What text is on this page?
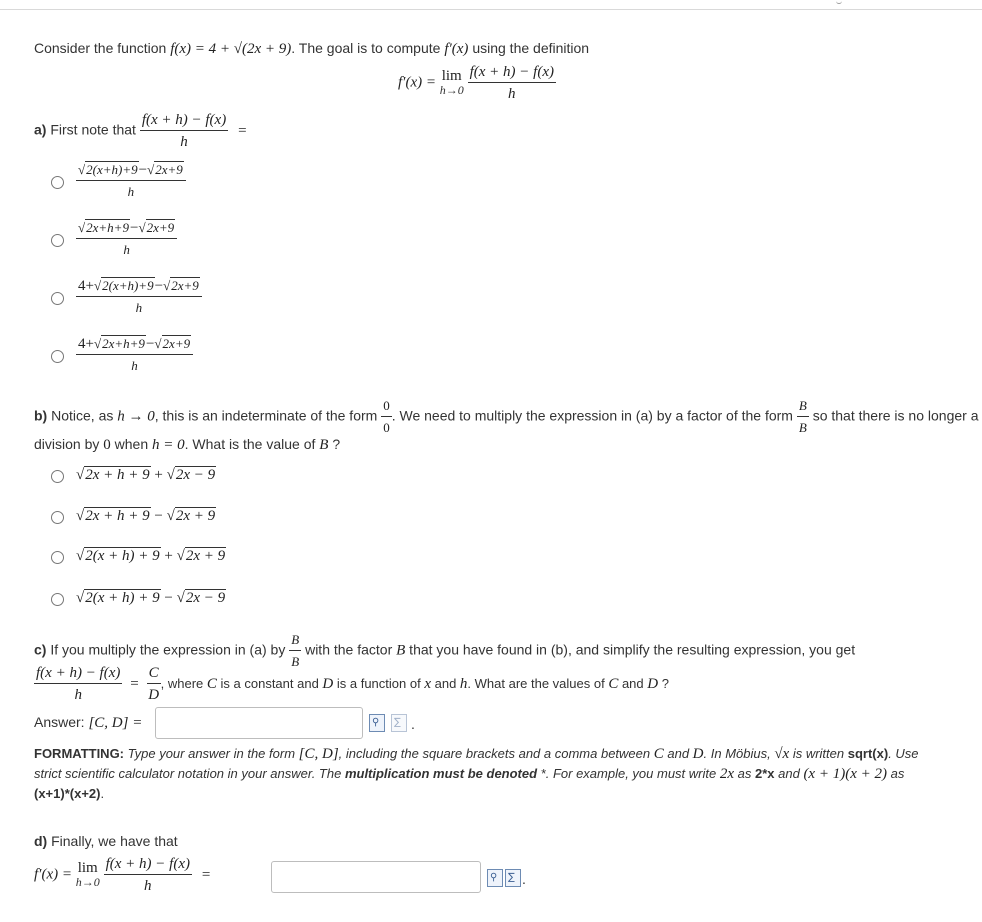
Consider the function f(x) = 4 + √(2x + 9). The goal is to compute f′(x) using the definition
f′(x) = lim
h→0
$\frac{f(x + h) - f(x)}{h}$
a) First note that $\frac{f(x + h) - f(x)}{h}$ =
$\frac{√2(x+h)+9-√2x+9}{h}$
$\frac{√2x+h+9-√2x+9}{h}$
$\frac{4+√2(x+h)+9-√2x+9}{h}$
$\frac{4+√2x+h+9-√2x+9}{h}$
b) Notice, as h → 0, this is an indeterminate of the form $\frac{0}{0}$ . We need to multiply the expression in (a) by a factor of the form $\frac{B}{B}$ so that there is no longer a
division by 0 when h = 0. What is the value of B ?
√2x + h + 9 + √2x − 9
√2x + h + 9 − √2x + 9
√2(x + h) + 9 + √2x + 9
√2(x + h) + 9 − √2x − 9
c) If you multiply the expression in (a) by $\frac{B}{B}$ with the factor B that you have found in (b), and simplify the resulting expression, you get
$\frac{f(x + h) - f(x)}{h} = \frac{C}{D}$ , where C is a constant and D is a function of x and h. What are the values of C and D ?
Answer: [C, D] =	⚲ ∑ .
FORMATTING: Type your answer in the form [C, D], including the square brackets and a comma between C and D. In Möbius, √x is written sqrt(x). Use
strict scientific calculator notation in your answer. The multiplication must be denoted *. For example, you must write 2x as 2*x and (x + 1)(x + 2) as
(x+1)*(x+2).
d) Finally, we have that
f′(x) = lim
h→0
$\frac{f(x + h) - f(x)}{h}$ =	⚲ ∑ .
